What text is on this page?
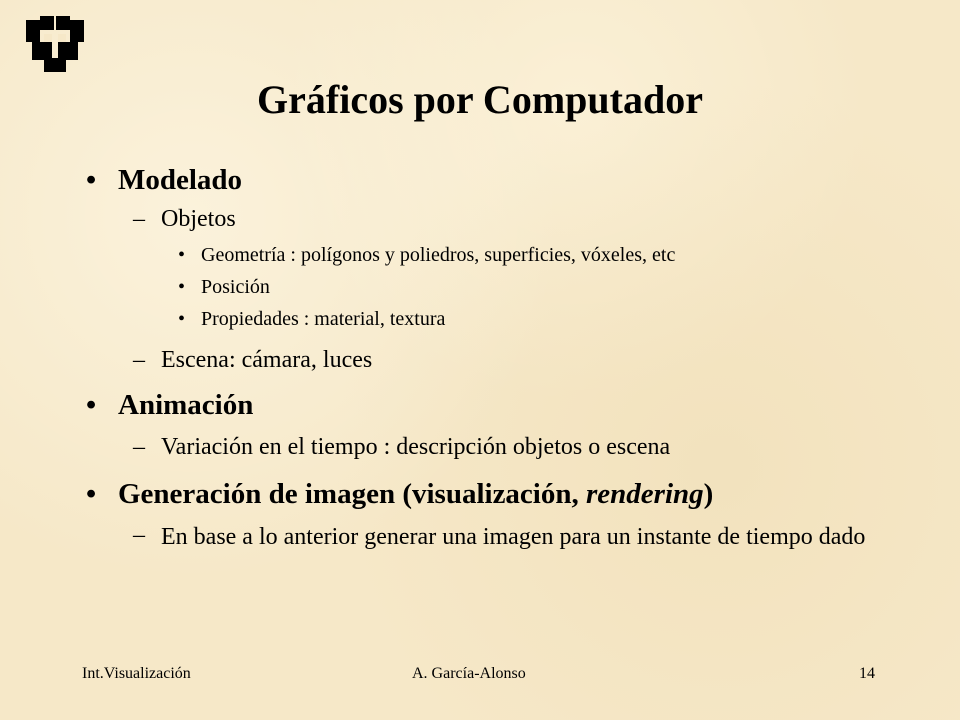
Gráficos por Computador
• Modelado
– Objetos
• Geometría : polígonos y poliedros, superficies, vóxeles, etc
• Posición
• Propiedades : material, textura
– Escena: cámara, luces
• Animación
– Variación en el tiempo : descripción objetos o escena
• Generación de imagen (visualización, rendering)
– En base a lo anterior generar una imagen para un instante de tiempo dado
Int.Visualización	A. García-Alonso	14
